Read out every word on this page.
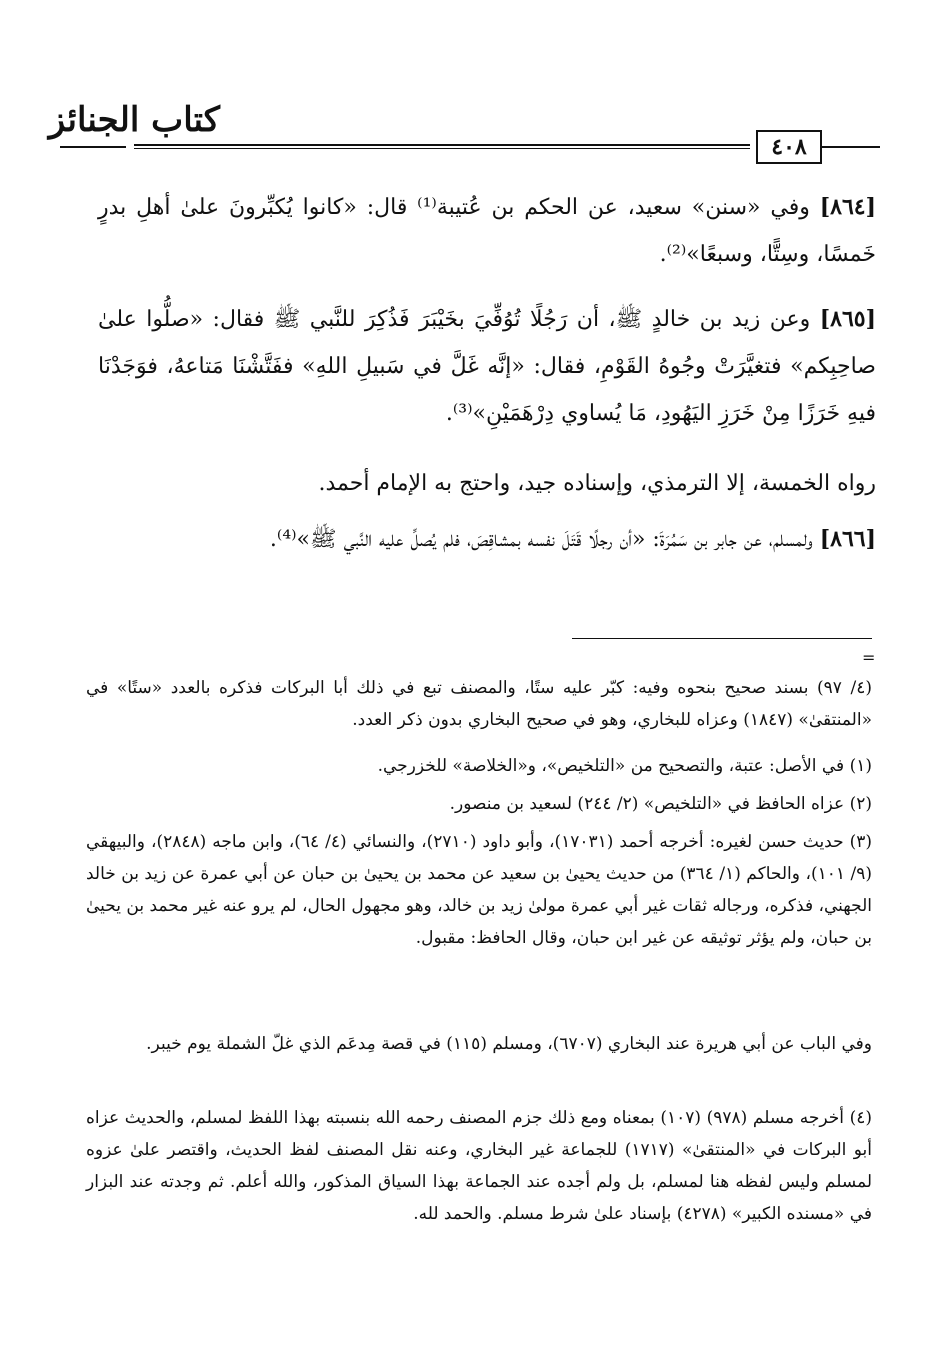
كتاب الجنائز
٤٠٨
[٨٦٤] وفي «سنن» سعيد، عن الحكم بن عُتيبة⁽¹⁾ قال: «كانوا يُكبِّرونَ علىٰ أهلِ بدرٍ خَمسًا، وسِتًّا، وسبعًا»⁽²⁾.
[٨٦٥] وعن زيد بن خالدٍ ﷺ، أن رَجُلًا تُوُفِّيَ بخَيْبَرَ فَذُكِرَ للنَّبي ﷺ فقال: «صلُّوا علىٰ صاحِبِكم» فتغيَّرَتْ وجُوهُ القَوْمِ، فقال: «إنَّه غَلَّ في سَبيلِ اللهِ» ففَتَّشْنَا مَتاعهُ، فوَجَدْنَا فيهِ خَرَزًا مِنْ خَرَزِ اليَهُودِ، مَا يُساوي دِرْهَمَيْنِ»⁽³⁾.
رواه الخمسة، إلا الترمذي، وإسناده جيد، واحتج به الإمام أحمد.
[٨٦٦] ولمسلم، عن جابر بن سَمُرَةَ: «أن رجلًا قَتَلَ نفسه بمشاقِصَ، فلم يُصلِّ عليه النَّبي ﷺ»⁽⁴⁾.
=
(٤/ ٩٧) بسند صحيح بنحوه وفيه: كبّر عليه ستًا، والمصنف تبع في ذلك أبا البركات فذكره بالعدد «ستًا» في «المنتقىٰ» (١٨٤٧) وعزاه للبخاري، وهو في صحيح البخاري بدون ذكر العدد.
(١) في الأصل: عتبة، والتصحيح من «التلخيص»، و«الخلاصة» للخزرجي.
(٢) عزاه الحافظ في «التلخيص» (٢/ ٢٤٤) لسعيد بن منصور.
(٣) حديث حسن لغيره: أخرجه أحمد (١٧٠٣١)، وأبو داود (٢٧١٠)، والنسائي (٤/ ٦٤)، وابن ماجه (٢٨٤٨)، والبيهقي (٩/ ١٠١)، والحاكم (١/ ٣٦٤) من حديث يحيىٰ بن سعيد عن محمد بن يحيىٰ بن حبان عن أبي عمرة عن زيد بن خالد الجهني، فذكره، ورجاله ثقات غير أبي عمرة مولىٰ زيد بن خالد، وهو مجهول الحال، لم يرو عنه غير محمد بن يحيىٰ بن حبان، ولم يؤثر توثيقه عن غير ابن حبان، وقال الحافظ: مقبول.
وفي الباب عن أبي هريرة عند البخاري (٦٧٠٧)، ومسلم (١١٥) في قصة مِدعَم الذي غلّ الشملة يوم خيبر.
(٤) أخرجه مسلم (٩٧٨) (١٠٧) بمعناه ومع ذلك جزم المصنف رحمه الله بنسبته بهذا اللفظ لمسلم، والحديث عزاه أبو البركات في «المنتقىٰ» (١٧١٧) للجماعة غير البخاري، وعنه نقل المصنف لفظ الحديث، واقتصر علىٰ عزوه لمسلم وليس لفظه هنا لمسلم، بل ولم أجده عند الجماعة بهذا السياق المذكور، والله أعلم. ثم وجدته عند البزار في «مسنده الكبير» (٤٢٧٨) بإسناد علىٰ شرط مسلم. والحمد لله.
